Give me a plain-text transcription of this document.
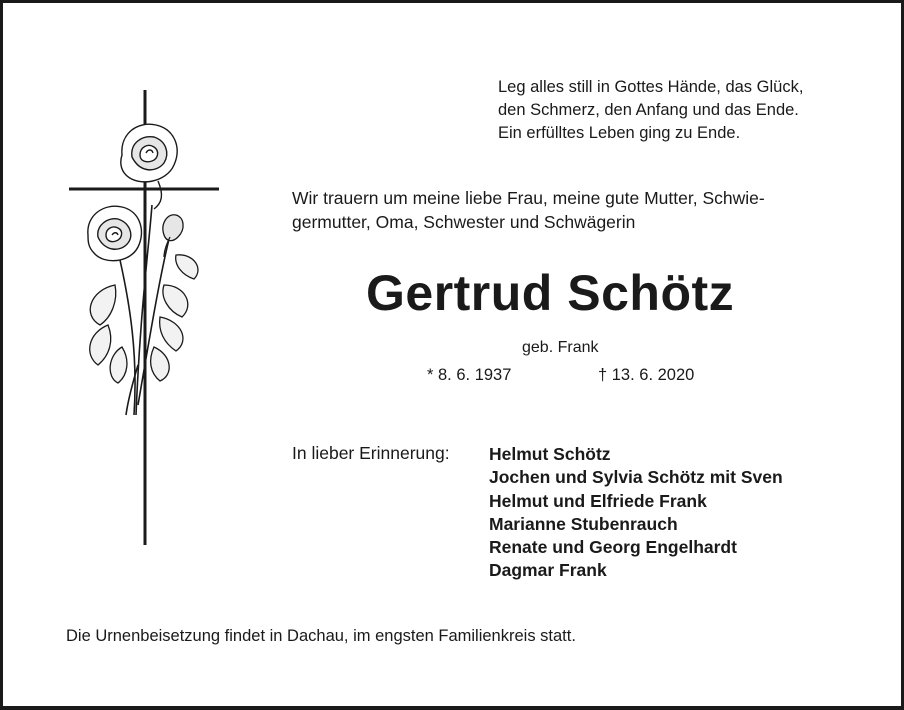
Leg alles still in Gottes Hände, das Glück,
den Schmerz, den Anfang und das Ende.
Ein erfülltes Leben ging zu Ende.
Wir trauern um meine liebe Frau, meine gute Mutter, Schwie-
germutter, Oma, Schwester und Schwägerin
Gertrud Schötz
geb. Frank
* 8. 6. 1937	† 13. 6. 2020
In lieber Erinnerung: Helmut Schötz
Jochen und Sylvia Schötz mit Sven
Helmut und Elfriede Frank
Marianne Stubenrauch
Renate und Georg Engelhardt
Dagmar Frank
Die Urnenbeisetzung findet in Dachau, im engsten Familienkreis statt.
